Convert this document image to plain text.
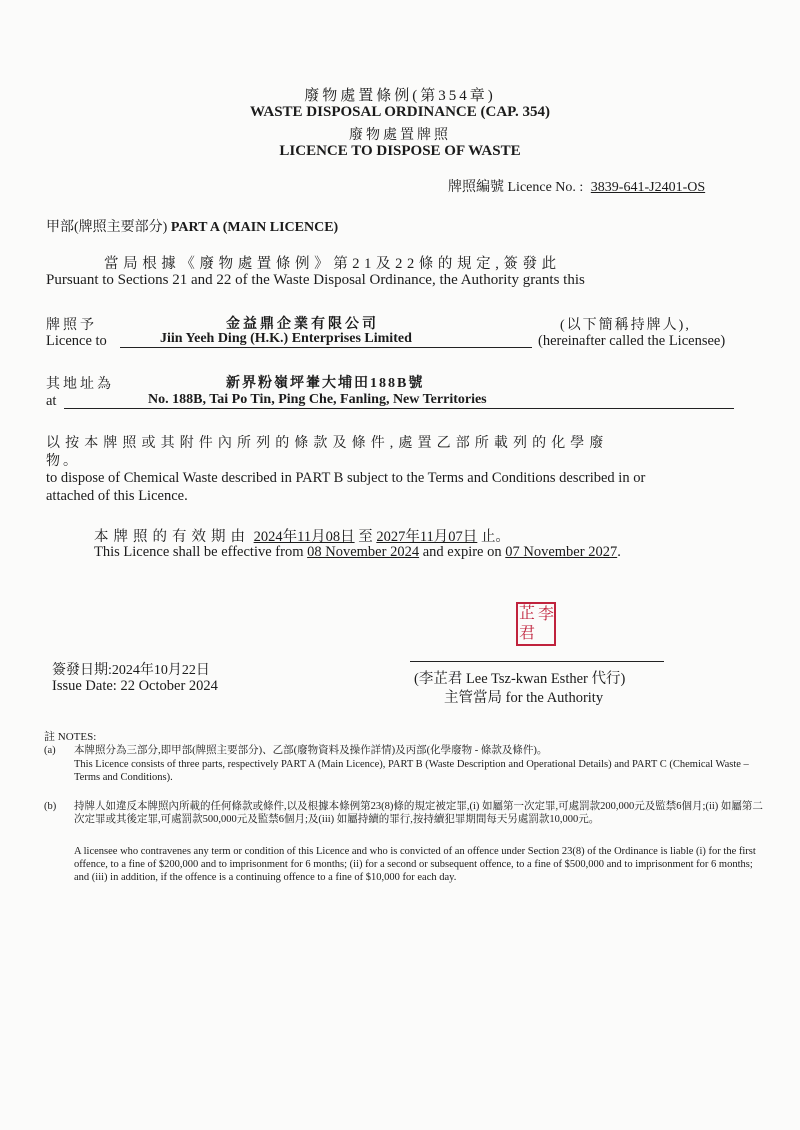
廢物處置條例(第354章)
WASTE DISPOSAL ORDINANCE (CAP. 354)
廢物處置牌照
LICENCE TO DISPOSE OF WASTE
牌照編號 Licence No. : 3839-641-J2401-OS
甲部(牌照主要部分) PART A (MAIN LICENCE)
當局根據《廢物處置條例》第21及22條的規定,簽發此
Pursuant to Sections 21 and 22 of the Waste Disposal Ordinance, the Authority grants this
牌照予	金益鼎企業有限公司	(以下簡稱持牌人),
Licence to	Jiin Yeeh Ding (H.K.) Enterprises Limited	(hereinafter called the Licensee)
其地址為	新界粉嶺坪輋大埔田188B號
at	No. 188B, Tai Po Tin, Ping Che, Fanling, New Territories
以按本牌照或其附件內所列的條款及條件,處置乙部所載列的化學廢
物。
to dispose of Chemical Waste described in PART B subject to the Terms and Conditions described in or
attached of this Licence.
本牌照的有效期由 2024年11月08日 至 2027年11月07日 止。
This Licence shall be effective from 08 November 2024 and expire on 07 November 2027.
芷 李
君
簽發日期:2024年10月22日
Issue Date: 22 October 2024	(李芷君 Lee Tsz-kwan Esther 代行)
主管當局 for the Authority
註 NOTES:
(a)	本牌照分為三部分,即甲部(牌照主要部分)、乙部(廢物資料及操作詳情)及丙部(化學廢物 - 條款及條件)。
This Licence consists of three parts, respectively PART A (Main Licence), PART B (Waste Description and Operational Details) and PART C (Chemical Waste – Terms and Conditions).
(b)	持牌人如違反本牌照內所載的任何條款或條件,以及根據本條例第23(8)條的規定被定罪,(i) 如屬第一次定罪,可處罰款200,000元及監禁6個月;(ii) 如屬第二次定罪或其後定罪,可處罰款500,000元及監禁6個月;及(iii) 如屬持續的罪行,按持續犯罪期間每天另處罰款10,000元。
A licensee who contravenes any term or condition of this Licence and who is convicted of an offence under Section 23(8) of the Ordinance is liable (i) for the first offence, to a fine of $200,000 and to imprisonment for 6 months; (ii) for a second or subsequent offence, to a fine of $500,000 and to imprisonment for 6 months; and (iii) in addition, if the offence is a continuing offence to a fine of $10,000 for each day.
